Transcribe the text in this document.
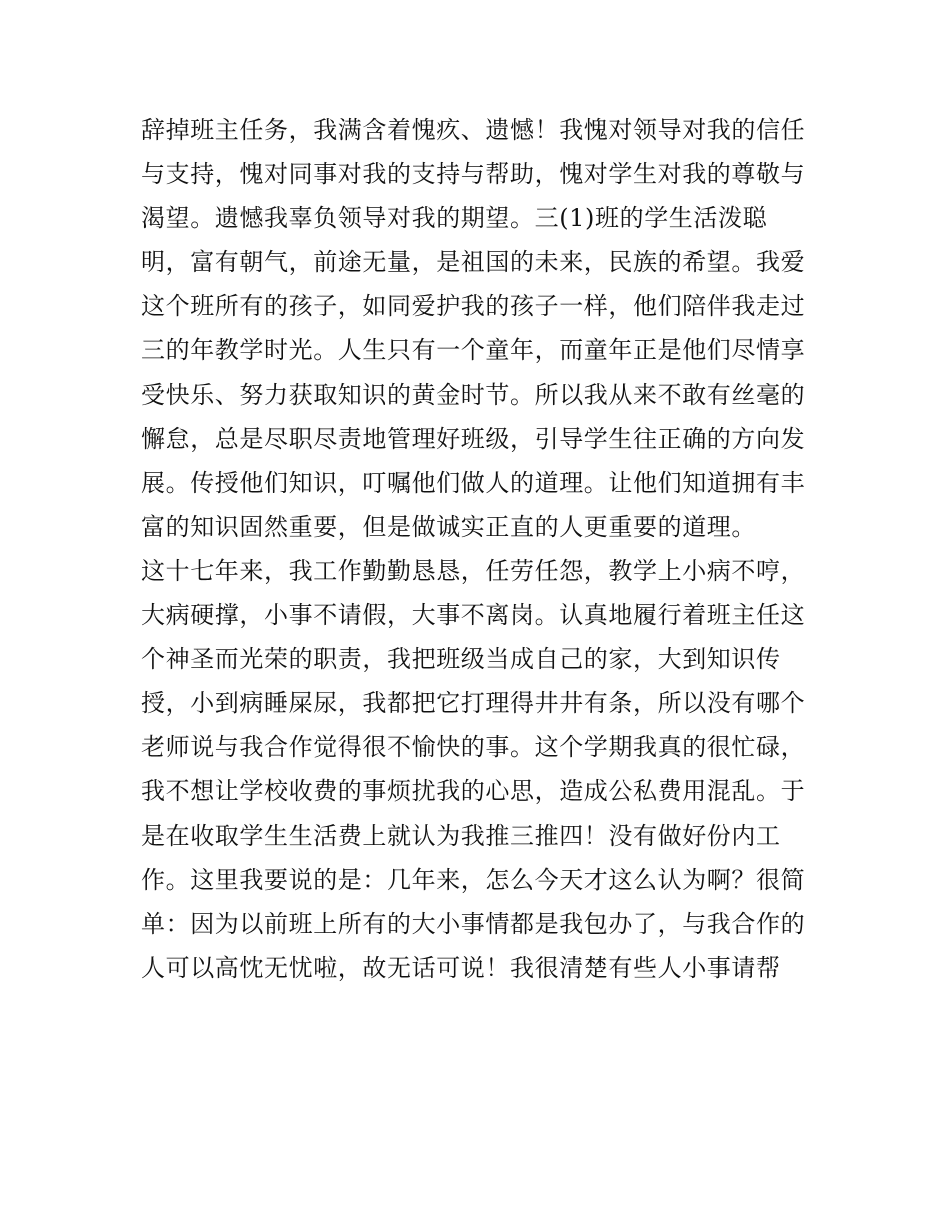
辞掉班主任务，我满含着愧疚、遗憾！我愧对领导对我的信任
与支持，愧对同事对我的支持与帮助，愧对学生对我的尊敬与
渴望。遗憾我辜负领导对我的期望。三(1)班的学生活泼聪
明，富有朝气，前途无量，是祖国的未来，民族的希望。我爱
这个班所有的孩子，如同爱护我的孩子一样，他们陪伴我走过
三的年教学时光。人生只有一个童年，而童年正是他们尽情享
受快乐、努力获取知识的黄金时节。所以我从来不敢有丝毫的
懈怠，总是尽职尽责地管理好班级，引导学生往正确的方向发
展。传授他们知识，叮嘱他们做人的道理。让他们知道拥有丰
富的知识固然重要，但是做诚实正直的人更重要的道理。
这十七年来，我工作勤勤恳恳，任劳任怨，教学上小病不哼，
大病硬撑，小事不请假，大事不离岗。认真地履行着班主任这
个神圣而光荣的职责，我把班级当成自己的家，大到知识传
授，小到病睡屎尿，我都把它打理得井井有条，所以没有哪个
老师说与我合作觉得很不愉快的事。这个学期我真的很忙碌，
我不想让学校收费的事烦扰我的心思，造成公私费用混乱。于
是在收取学生生活费上就认为我推三推四！没有做好份内工
作。这里我要说的是：几年来，怎么今天才这么认为啊？很简
单：因为以前班上所有的大小事情都是我包办了，与我合作的
人可以高忱无忧啦，故无话可说！我很清楚有些人小事请帮
